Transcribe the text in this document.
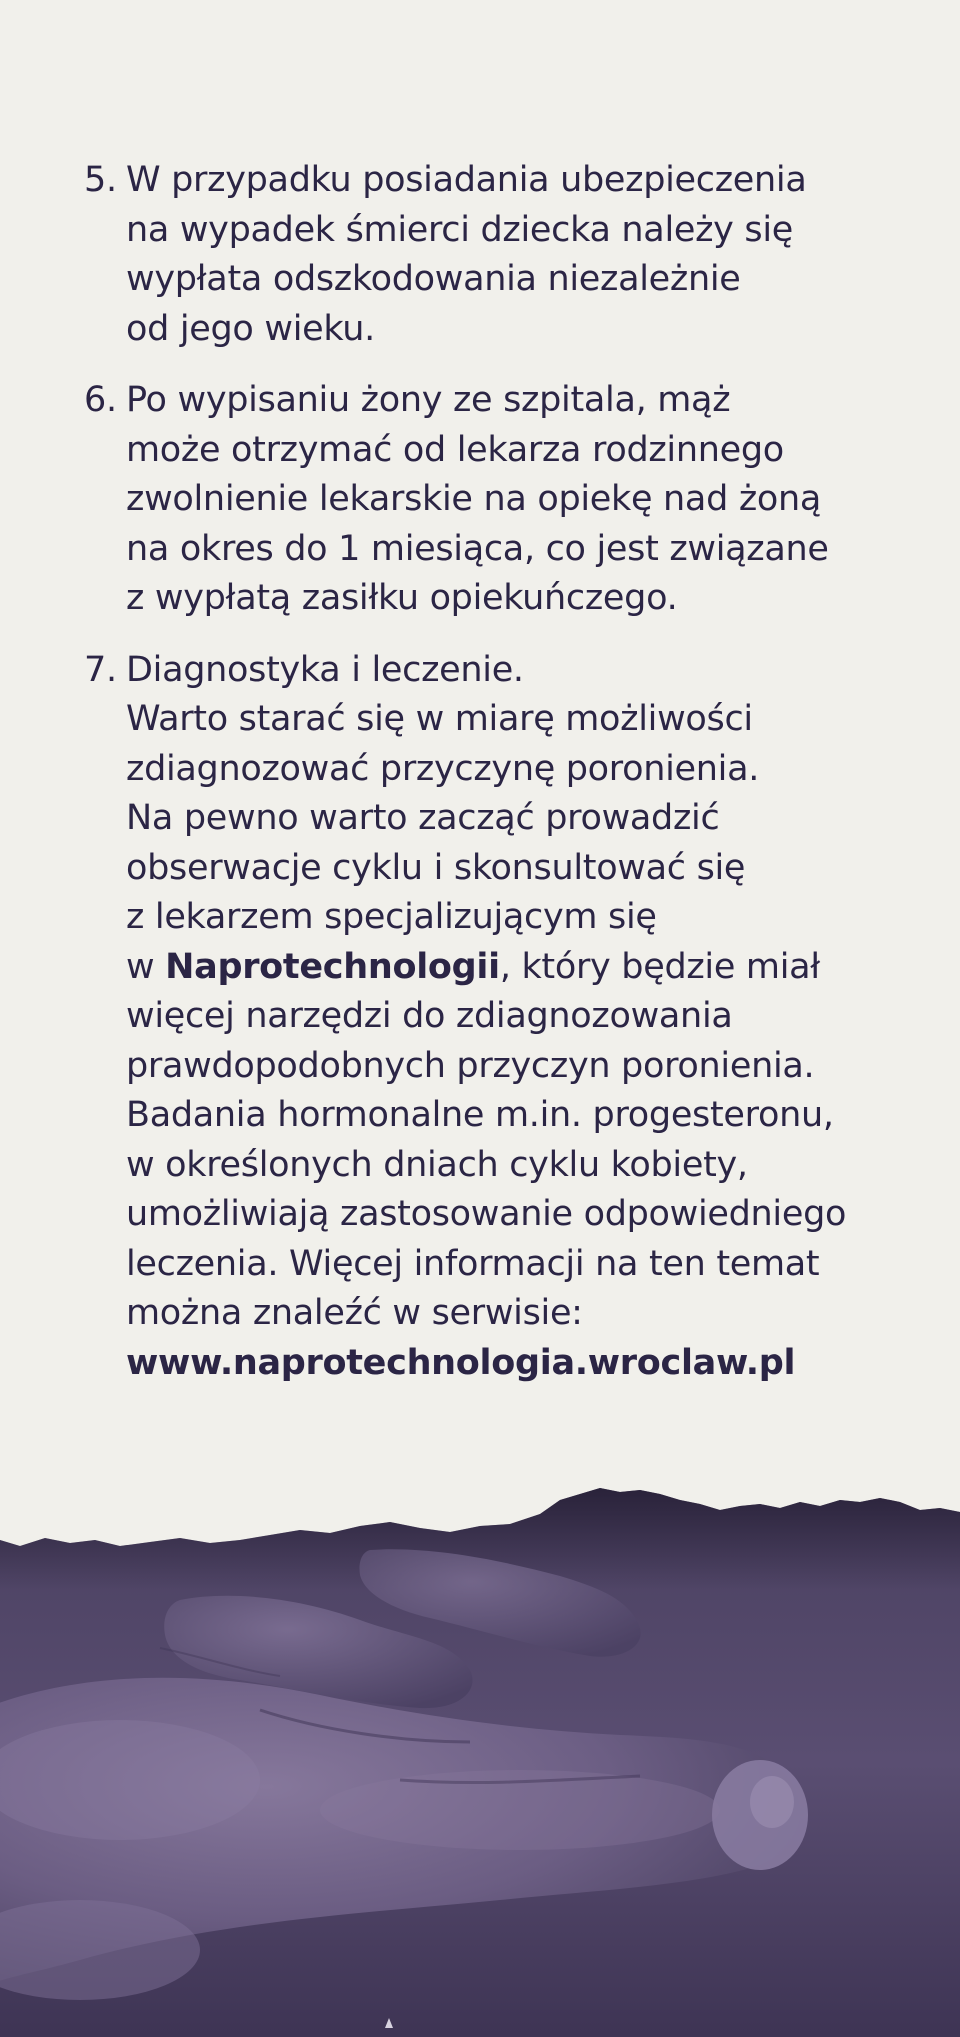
5. W przypadku posiadania ubezpieczenia
na wypadek śmierci dziecka należy się
wypłata odszkodowania niezależnie
od jego wieku.
6. Po wypisaniu żony ze szpitala, mąż
może otrzymać od lekarza rodzinnego
zwolnienie lekarskie na opiekę nad żoną
na okres do 1 miesiąca, co jest związane
z wypłatą zasiłku opiekuńczego.
7. Diagnostyka i leczenie.
Warto starać się w miarę możliwości
zdiagnozować przyczynę poronienia.
Na pewno warto zacząć prowadzić
obserwacje cyklu i skonsultować się
z lekarzem specjalizującym się
w Naprotechnologii, który będzie miał
więcej narzędzi do zdiagnozowania
prawdopodobnych przyczyn poronienia.
Badania hormonalne m.in. progesteronu,
w określonych dniach cyklu kobiety,
umożliwiają zastosowanie odpowiedniego
leczenia. Więcej informacji na ten temat
można znaleźć w serwisie:
www.naprotechnologia.wroclaw.pl
